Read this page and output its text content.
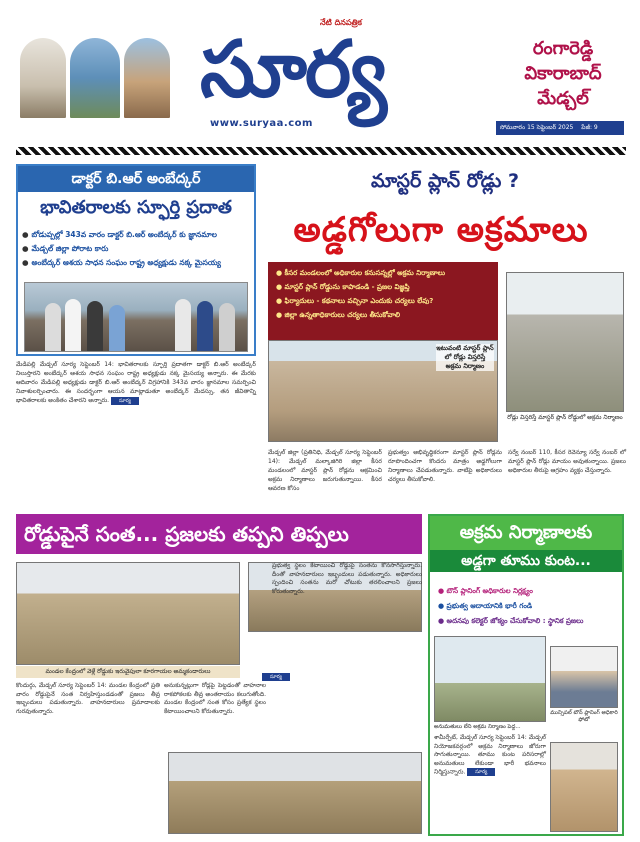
నేటి దినపత్రిక
సూర్య
www.suryaa.com
రంగారెడ్డి
వికారాబాద్
మేడ్చల్
సోమవారం 15 సెప్టెంబర్ 2025 పేజీ: 9
డాక్టర్ బి.ఆర్ అంబేద్కర్
భావితరాలకు స్ఫూర్తి ప్రదాత
● బోడుప్పల్లో 343వ వారం డాక్టర్ బి.ఆర్ అంబేద్కర్ కు జ్ఞానమాల
● మేడ్చల్ జిల్లా పోరాట కారు
● అంబేద్కర్ ఆశయ సాధన సంఘం రాష్ట్ర అధ్యక్షుడు నక్క మైసయ్య
మేడిపల్లి మేడ్చల్ సూర్య సెప్టెంబర్ 14: భావితరాలకు స్ఫూర్తి ప్రదాతగా డాక్టర్ బి.ఆర్ అంబేద్కర్ నిలుస్తారని అంబేద్కర్ ఆశయ సాధన సంఘం రాష్ట్ర అధ్యక్షుడు నక్క మైసయ్య అన్నారు. ఈ మేరకు ఆదివారం మేడిపల్లి అధ్యక్షుడు డాక్టర్ బి.ఆర్ అంబేద్కర్ విగ్రహానికి 343వ వారం జ్ఞానమాల సమర్పించి నివాళులర్పించారు. ఈ సందర్భంగా ఆయన మాట్లాడుతూ అంబేద్కర్ మేదస్సు, తన జీవితాన్ని భావితరాలకు అంకితం చేశారని అన్నారు. సూర్య
మాస్టర్ ప్లాన్ రోడ్లు ?
అడ్డగోలుగా అక్రమాలు
● కీసర మండలంలో అధికారుల కనుసన్నల్లో అక్రమ నిర్మాణాలు
● మాస్టర్ ప్లాన్ రోడ్డును కాపాడండి - ప్రజల విజ్ఞప్తి
● ఫిర్యాదులు - కథనాలు వచ్చినా ఎందుకు చర్యలు లేవు?
● జిల్లా ఉన్నతాధికారులు చర్యలు తీసుకోవాలి
ఇటువంటి మాస్టర్ ప్లాన్ లో రోడ్లు విస్తరిస్తే అక్రమ నిర్మాణం
రోడ్లు విస్తరిస్తే మాస్టర్ ప్లాన్ రోడ్డులో అక్రమ నిర్మాణం
మేడ్చల్ జిల్లా (ప్రతినిధి, మేడ్చల్ సూర్య సెప్టెంబర్ 14): మేడ్చల్ మల్కాజిగిరి జిల్లా కీసర మండలంలో మాస్టర్ ప్లాన్ రోడ్లను ఆక్రమించి అక్రమ నిర్మాణాలు జరుగుతున్నాయి. కీసర ఆవరణ కోసం
ప్రభుత్వం అభివృద్ధికరంగా మాస్టర్ ప్లాన్ రోడ్లను రూపొందించగా కొందరు మాత్రం అడ్డగోలుగా నిర్మాణాలు చేపడుతున్నారు. వాటిపై అధికారులు చర్యలు తీసుకోవాలి.
సర్వే నంబర్ 110, కీసర రెవెన్యూ సర్వే నంబర్ లో మాస్టర్ ప్లాన్ రోడ్లు మాయం అవుతున్నాయి. ప్రజలు అధికారుల తీరుపై ఆగ్రహం వ్యక్తం చేస్తున్నారు.
రోడ్డుపైనే సంత... ప్రజలకు తప్పని తిప్పలు
మండల కేంద్రంలో వెళ్లే రోడ్డుకు ఇరువైపులా కూరగాయల అమ్మకందారులు
కొందుర్గు, మేడ్చల్ సూర్య సెప్టెంబర్ 14: మండల కేంద్రంలో ప్రతి వారం రోడ్డుపైనే సంత నిర్వహిస్తుండడంతో ప్రజలు తీవ్ర ఇబ్బందులు పడుతున్నారు. వాహనదారులు ప్రమాదాలకు గురవుతున్నారు.
అనుకున్నట్లుగా రోడ్లపై పెట్టడంతో వాహనాల రాకపోకలకు తీవ్ర అంతరాయం కలుగుతోంది. మండల కేంద్రంలో సంత కోసం ప్రత్యేక స్థలం కేటాయించాలని కోరుతున్నారు.
ప్రభుత్వ స్థలం కేటాయించి రోడ్డుపై సంతను కొనసాగిస్తున్నారు. దీంతో వాహనదారులు ఇబ్బందులు పడుతున్నారు. అధికారులు స్పందించి సంతను మరో చోటుకు తరలించాలని ప్రజలు కోరుతున్నారు.
సూర్య
అక్రమ నిర్మాణాలకు
అడ్డగా తూము కుంట...
● టౌన్ ప్లానింగ్ అధికారుల నిర్లక్ష్యం
● ప్రభుత్వ ఆదాయానికి భారీ గండి
● అదనపు కలెక్టర్ జోక్యం చేసుకోవాలి : స్థానిక ప్రజలు
మున్సిపల్ టౌన్ ప్లానింగ్ అధికారి ఫోటో
అనుమతులు లేని అక్రమ నిర్మాణం పెద్ద...
శామీర్పేట్, మేడ్చల్ సూర్య సెప్టెంబర్ 14: మేడ్చల్ నియోజకవర్గంలో అక్రమ నిర్మాణాలు జోరుగా సాగుతున్నాయి. తూము కుంట పరిసరాల్లో అనుమతులు లేకుండా భారీ భవనాలు నిర్మిస్తున్నారు. సూర్య
